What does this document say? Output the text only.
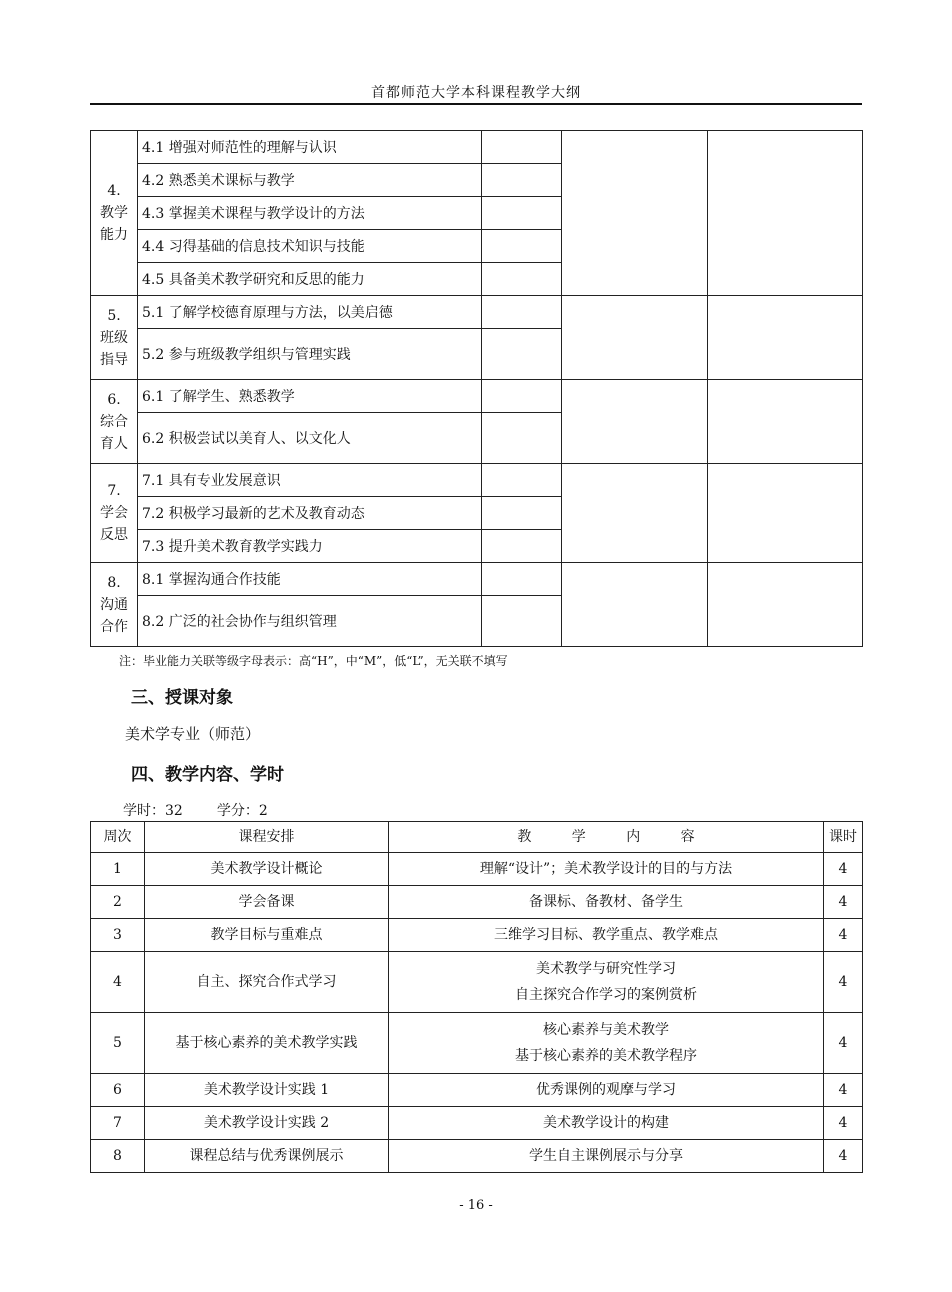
首都师范大学本科课程教学大纲
4.
教学能力	4.1 增强对师范性的理解与认识			
	4.2 熟悉美术课标与教学			
	4.3 掌握美术课程与教学设计的方法			
	4.4 习得基础的信息技术知识与技能			
	4.5 具备美术教学研究和反思的能力			

5.
班级指导	5.1 了解学校德育原理与方法，以美启德			
	5.2 参与班级教学组织与管理实践			

6.
综合育人	6.1 了解学生、熟悉教学			
	6.2 积极尝试以美育人、以文化人			

7.
学会反思	7.1 具有专业发展意识			
	7.2 积极学习最新的艺术及教育动态			
	7.3 提升美术教育教学实践力			

8.
沟通合作	8.1 掌握沟通合作技能			
	8.2 广泛的社会协作与组织管理			
注：毕业能力关联等级字母表示：高“H”，中“M”，低“L”，无关联不填写
三、授课对象
美术学专业（师范）
四、教学内容、学时
学时：32 学分：2
周次	课程安排	教 学 内 容	课时
1	美术教学设计概论	理解“设计”；美术教学设计的目的与方法	4
2	学会备课	备课标、备教材、备学生	4
3	教学目标与重难点	三维学习目标、教学重点、教学难点	4
4	自主、探究合作式学习	美术教学与研究性学习
自主探究合作学习的案例赏析	4
5	基于核心素养的美术教学实践	核心素养与美术教学
基于核心素养的美术教学程序	4
6	美术教学设计实践 1	优秀课例的观摩与学习	4
7	美术教学设计实践 2	美术教学设计的构建	4
8	课程总结与优秀课例展示	学生自主课例展示与分享	4
- 16 -
